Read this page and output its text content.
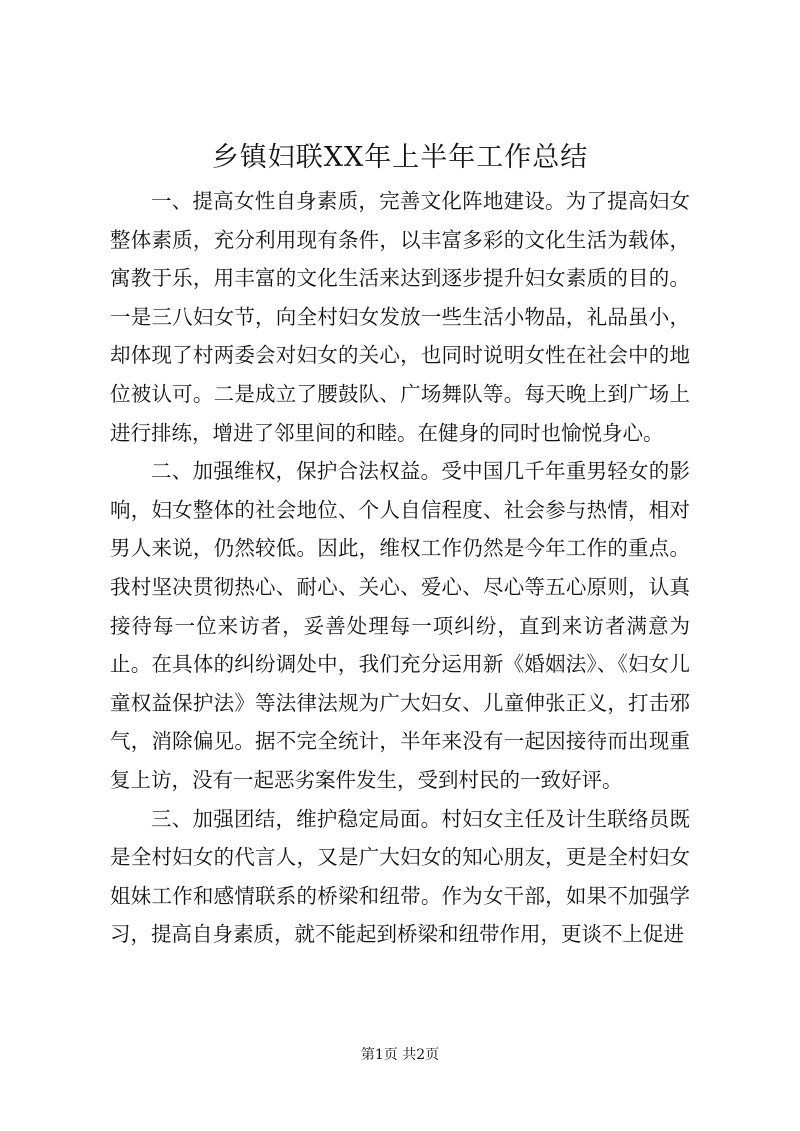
乡镇妇联XX年上半年工作总结

一、提高女性自身素质，完善文化阵地建设。为了提高妇女整体素质，充分利用现有条件，以丰富多彩的文化生活为载体，寓教于乐，用丰富的文化生活来达到逐步提升妇女素质的目的。一是三八妇女节，向全村妇女发放一些生活小物品，礼品虽小，却体现了村两委会对妇女的关心，也同时说明女性在社会中的地位被认可。二是成立了腰鼓队、广场舞队等。每天晚上到广场上进行排练，增进了邻里间的和睦。在健身的同时也愉悦身心。

二、加强维权，保护合法权益。受中国几千年重男轻女的影响，妇女整体的社会地位、个人自信程度、社会参与热情，相对男人来说，仍然较低。因此，维权工作仍然是今年工作的重点。我村坚决贯彻热心、耐心、关心、爱心、尽心等五心原则，认真接待每一位来访者，妥善处理每一项纠纷，直到来访者满意为止。在具体的纠纷调处中，我们充分运用新《婚姻法》、《妇女儿童权益保护法》等法律法规为广大妇女、儿童伸张正义，打击邪气，消除偏见。据不完全统计，半年来没有一起因接待而出现重复上访，没有一起恶劣案件发生，受到村民的一致好评。

三、加强团结，维护稳定局面。村妇女主任及计生联络员既是全村妇女的代言人，又是广大妇女的知心朋友，更是全村妇女姐妹工作和感情联系的桥梁和纽带。作为女干部，如果不加强学习，提高自身素质，就不能起到桥梁和纽带作用，更谈不上促进

第1页 共2页
